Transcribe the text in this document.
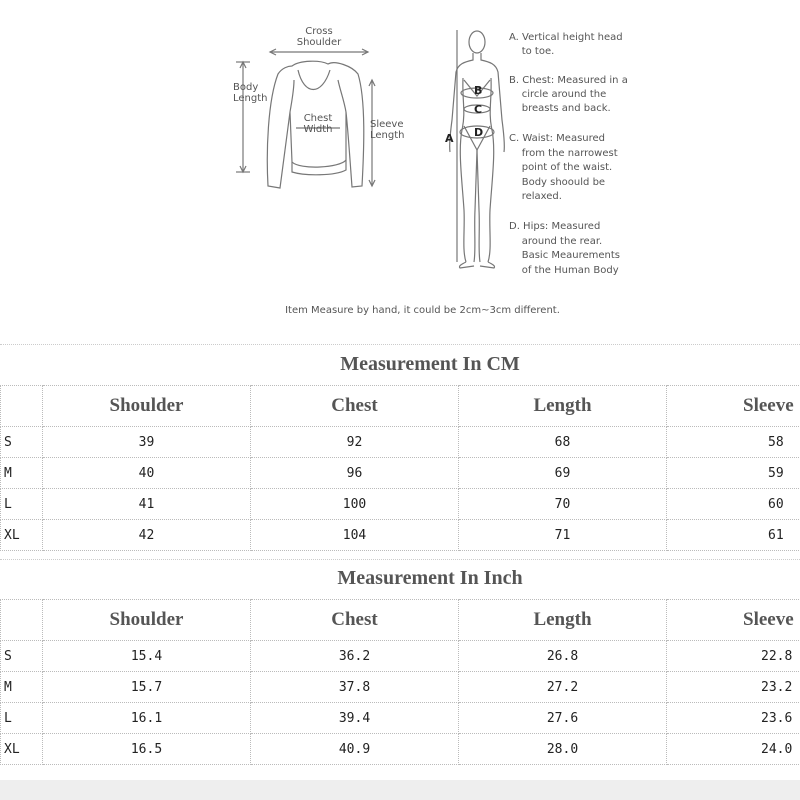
Cross
Shoulder
Body
Length
Chest
Width	Sleeve
Length	A
B
C
D
A. Vertical height head
to toe.
B. Chest: Measured in a
circle around the
breasts and back.
C. Waist: Measured
from the narrowest
point of the waist.
Body shoould be
relaxed.
D. Hips: Measured
around the rear.
Basic Meaurements
of the Human Body
Item Measure by hand, it could be 2cm~3cm different.
Measurement In CM
	Shoulder	Chest	Length	Sleeve
S	39	92	68	58
M	40	96	69	59
L	41	100	70	60
XL	42	104	71	61
Measurement In Inch
	Shoulder	Chest	Length	Sleeve
S	15.4	36.2	26.8	22.8
M	15.7	37.8	27.2	23.2
L	16.1	39.4	27.6	23.6
XL	16.5	40.9	28.0	24.0
